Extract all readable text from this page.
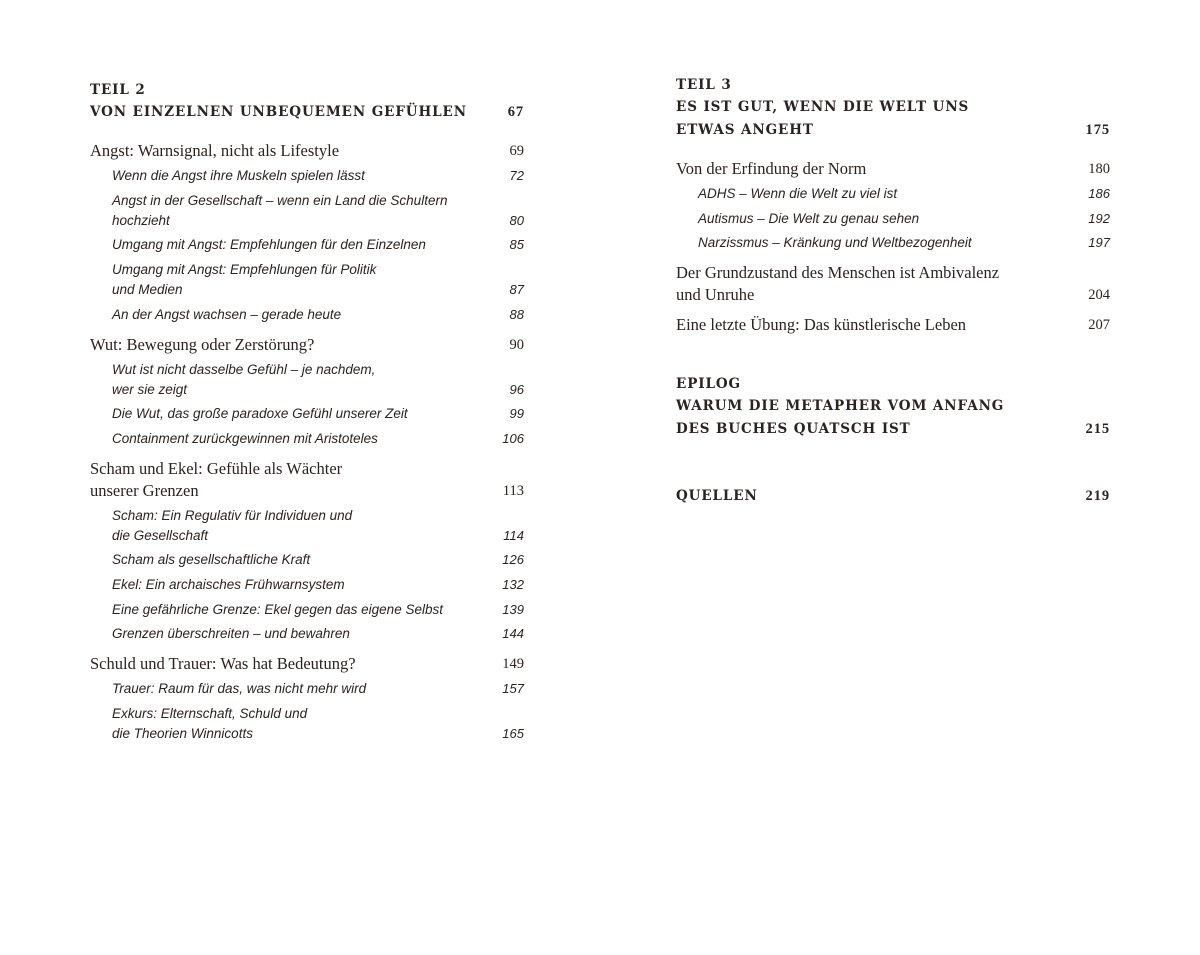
TEIL 2
VON EINZELNEN UNBEQUEMEN GEFÜHLEN	67
Angst: Warnsignal, nicht als Lifestyle	69
Wenn die Angst ihre Muskeln spielen lässt	72
Angst in der Gesellschaft – wenn ein Land die Schultern
hochzieht	80
Umgang mit Angst: Empfehlungen für den Einzelnen	85
Umgang mit Angst: Empfehlungen für Politik
und Medien	87
An der Angst wachsen – gerade heute	88
Wut: Bewegung oder Zerstörung?	90
Wut ist nicht dasselbe Gefühl – je nachdem,
wer sie zeigt	96
Die Wut, das große paradoxe Gefühl unserer Zeit	99
Containment zurückgewinnen mit Aristoteles	106
Scham und Ekel: Gefühle als Wächter
unserer Grenzen	113
Scham: Ein Regulativ für Individuen und
die Gesellschaft	114
Scham als gesellschaftliche Kraft	126
Ekel: Ein archaisches Frühwarnsystem	132
Eine gefährliche Grenze: Ekel gegen das eigene Selbst	139
Grenzen überschreiten – und bewahren	144
Schuld und Trauer: Was hat Bedeutung?	149
Trauer: Raum für das, was nicht mehr wird	157
Exkurs: Elternschaft, Schuld und
die Theorien Winnicotts	165
TEIL 3
ES IST GUT, WENN DIE WELT UNS
ETWAS ANGEHT	175
Von der Erfindung der Norm	180
ADHS – Wenn die Welt zu viel ist	186
Autismus – Die Welt zu genau sehen	192
Narzissmus – Kränkung und Weltbezogenheit	197
Der Grundzustand des Menschen ist Ambivalenz
und Unruhe	204
Eine letzte Übung: Das künstlerische Leben	207
EPILOG
WARUM DIE METAPHER VOM ANFANG
DES BUCHES QUATSCH IST	215
QUELLEN	219
